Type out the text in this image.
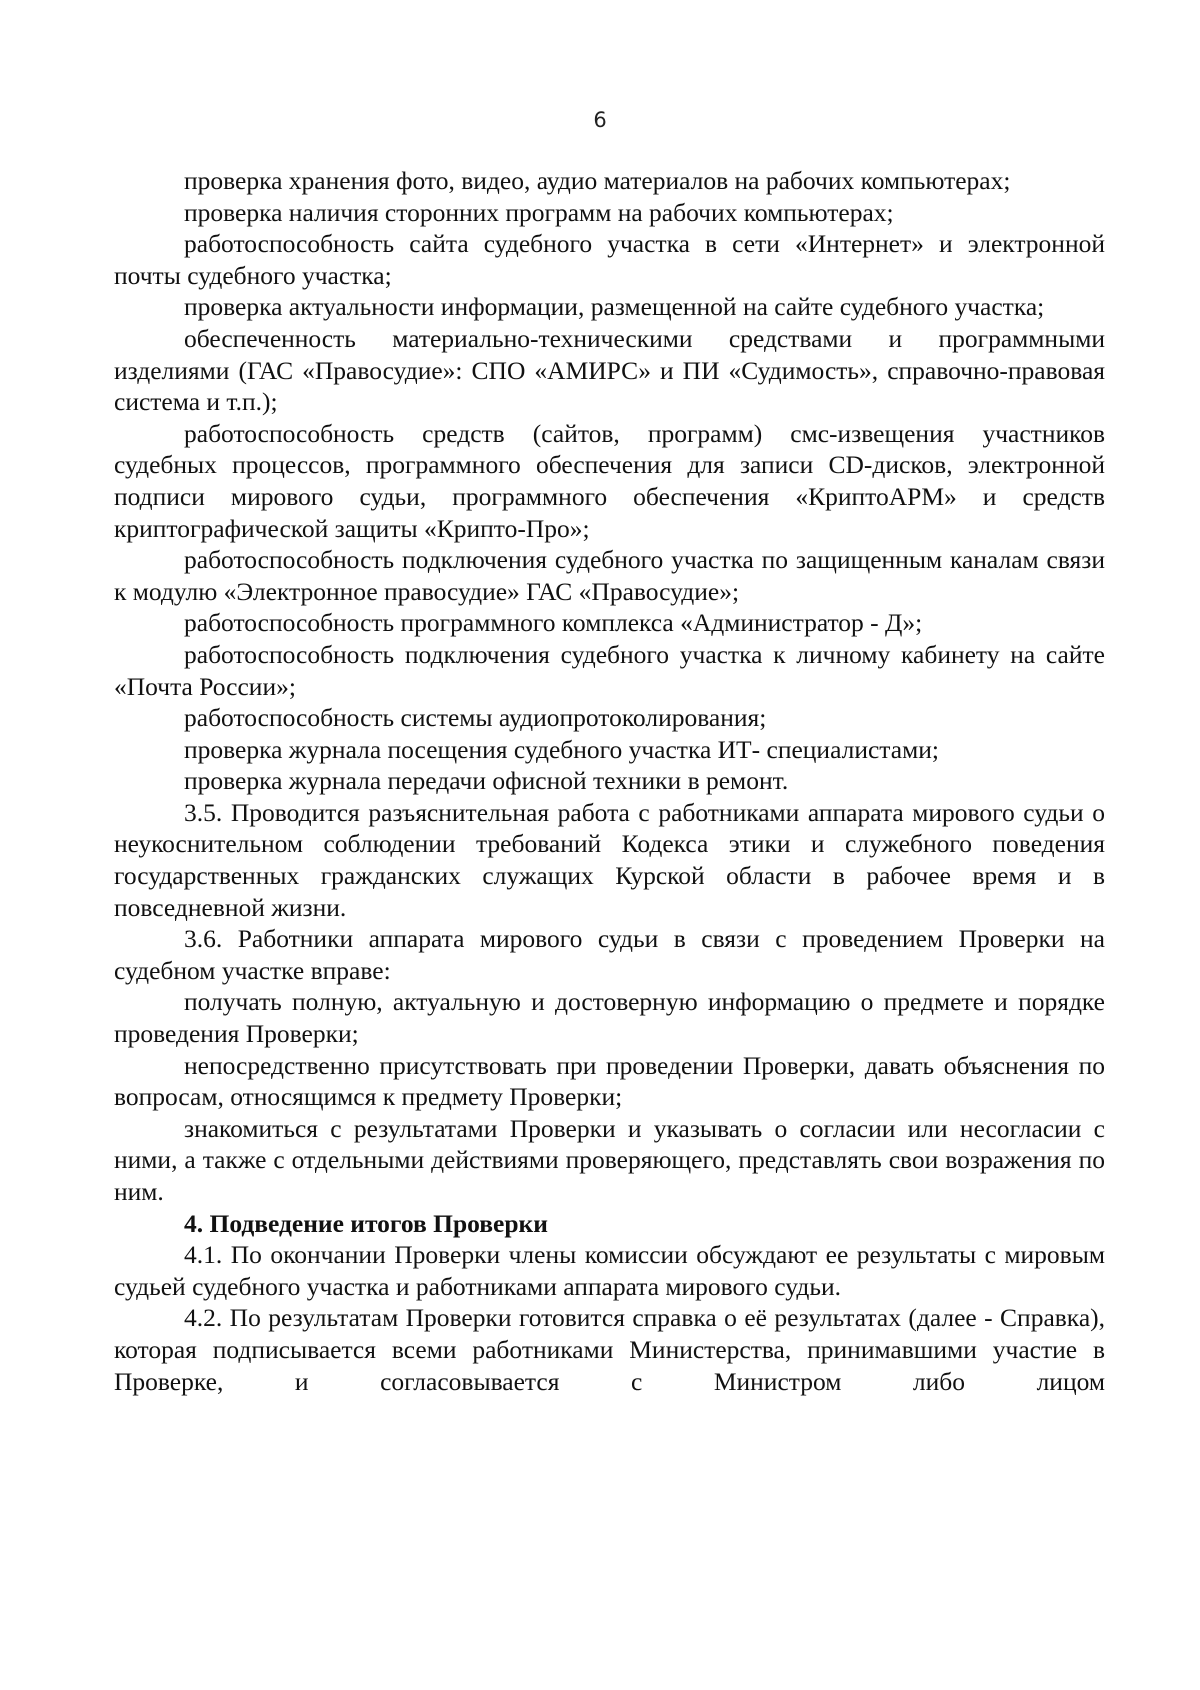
6

проверка хранения фото, видео, аудио материалов на рабочих компьютерах;

проверка наличия сторонних программ на рабочих компьютерах;

работоспособность сайта судебного участка в сети «Интернет» и электронной почты судебного участка;

проверка актуальности информации, размещенной на сайте судебного участка;

обеспеченность материально-техническими средствами и программными изделиями (ГАС «Правосудие»: СПО «АМИРС» и ПИ «Судимость», справочно-правовая система и т.п.);

работоспособность средств (сайтов, программ) смс-извещения участников судебных процессов, программного обеспечения для записи CD-дисков, электронной подписи мирового судьи, программного обеспечения «КриптоАРМ» и средств криптографической защиты «Крипто-Про»;

работоспособность подключения судебного участка по защищенным каналам связи к модулю «Электронное правосудие» ГАС «Правосудие»;

работоспособность программного комплекса «Администратор - Д»;

работоспособность подключения судебного участка к личному кабинету на сайте «Почта России»;

работоспособность системы аудиопротоколирования;

проверка журнала посещения судебного участка ИТ- специалистами;

проверка журнала передачи офисной техники в ремонт.

3.5. Проводится разъяснительная работа с работниками аппарата мирового судьи о неукоснительном соблюдении требований Кодекса этики и служебного поведения государственных гражданских служащих Курской области в рабочее время и в повседневной жизни.

3.6. Работники аппарата мирового судьи в связи с проведением Проверки на судебном участке вправе:

получать полную, актуальную и достоверную информацию о предмете и порядке проведения Проверки;

непосредственно присутствовать при проведении Проверки, давать объяснения по вопросам, относящимся к предмету Проверки;

знакомиться с результатами Проверки и указывать о согласии или несогласии с ними, а также с отдельными действиями проверяющего, представлять свои возражения по ним.

4. Подведение итогов Проверки

4.1. По окончании Проверки члены комиссии обсуждают ее результаты с мировым судьей судебного участка и работниками аппарата мирового судьи.

4.2. По результатам Проверки готовится справка о её результатах (далее - Справка), которая подписывается всеми работниками Министерства, принимавшими участие в Проверке, и согласовывается с Министром либо лицом
